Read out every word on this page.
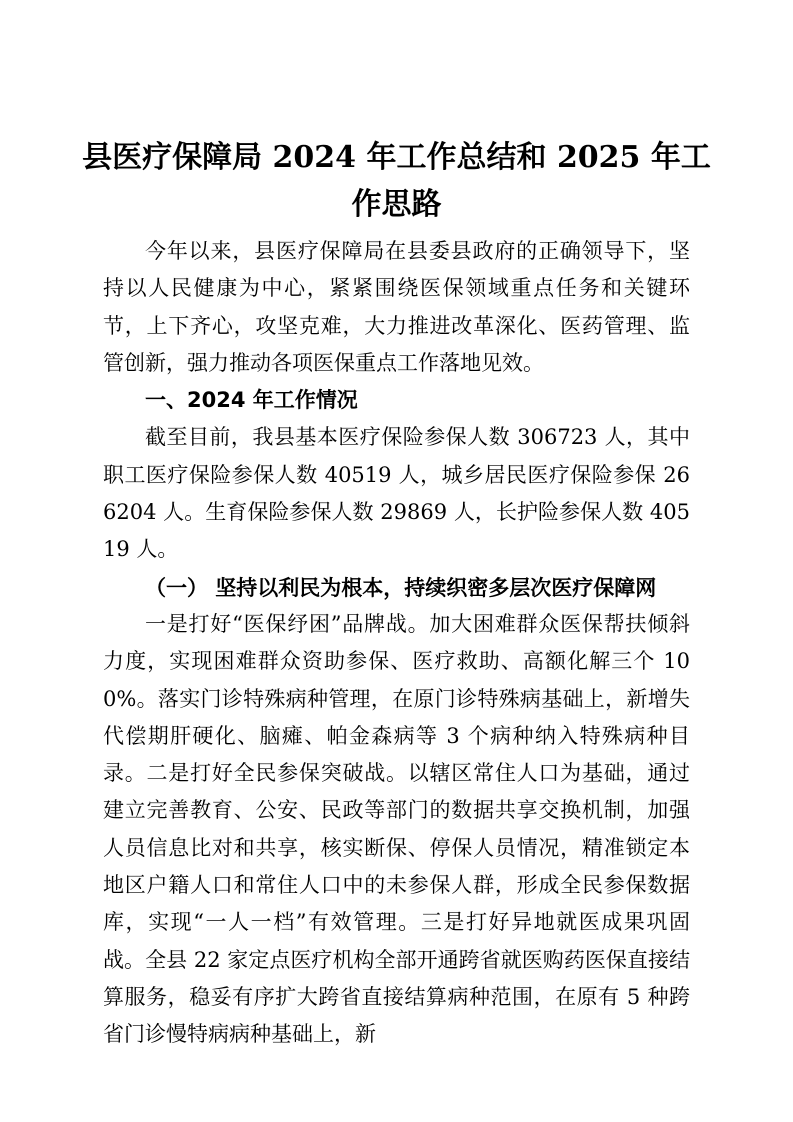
县医疗保障局 2024 年工作总结和 2025 年工作思路

今年以来，县医疗保障局在县委县政府的正确领导下，坚持以人民健康为中心，紧紧围绕医保领域重点任务和关键环节，上下齐心，攻坚克难，大力推进改革深化、医药管理、监管创新，强力推动各项医保重点工作落地见效。

一、2024 年工作情况

截至目前，我县基本医疗保险参保人数 306723 人，其中职工医疗保险参保人数 40519 人，城乡居民医疗保险参保 266204 人。生育保险参保人数 29869 人，长护险参保人数 40519 人。

（一） 坚持以利民为根本，持续织密多层次医疗保障网

一是打好“医保纾困”品牌战。加大困难群众医保帮扶倾斜力度，实现困难群众资助参保、医疗救助、高额化解三个 100%。落实门诊特殊病种管理，在原门诊特殊病基础上，新增失代偿期肝硬化、脑瘫、帕金森病等 3 个病种纳入特殊病种目录。二是打好全民参保突破战。以辖区常住人口为基础，通过建立完善教育、公安、民政等部门的数据共享交换机制，加强人员信息比对和共享，核实断保、停保人员情况，精准锁定本地区户籍人口和常住人口中的未参保人群，形成全民参保数据库，实现“一人一档”有效管理。三是打好异地就医成果巩固战。全县 22 家定点医疗机构全部开通跨省就医购药医保直接结算服务，稳妥有序扩大跨省直接结算病种范围，在原有 5 种跨省门诊慢特病病种基础上，新
